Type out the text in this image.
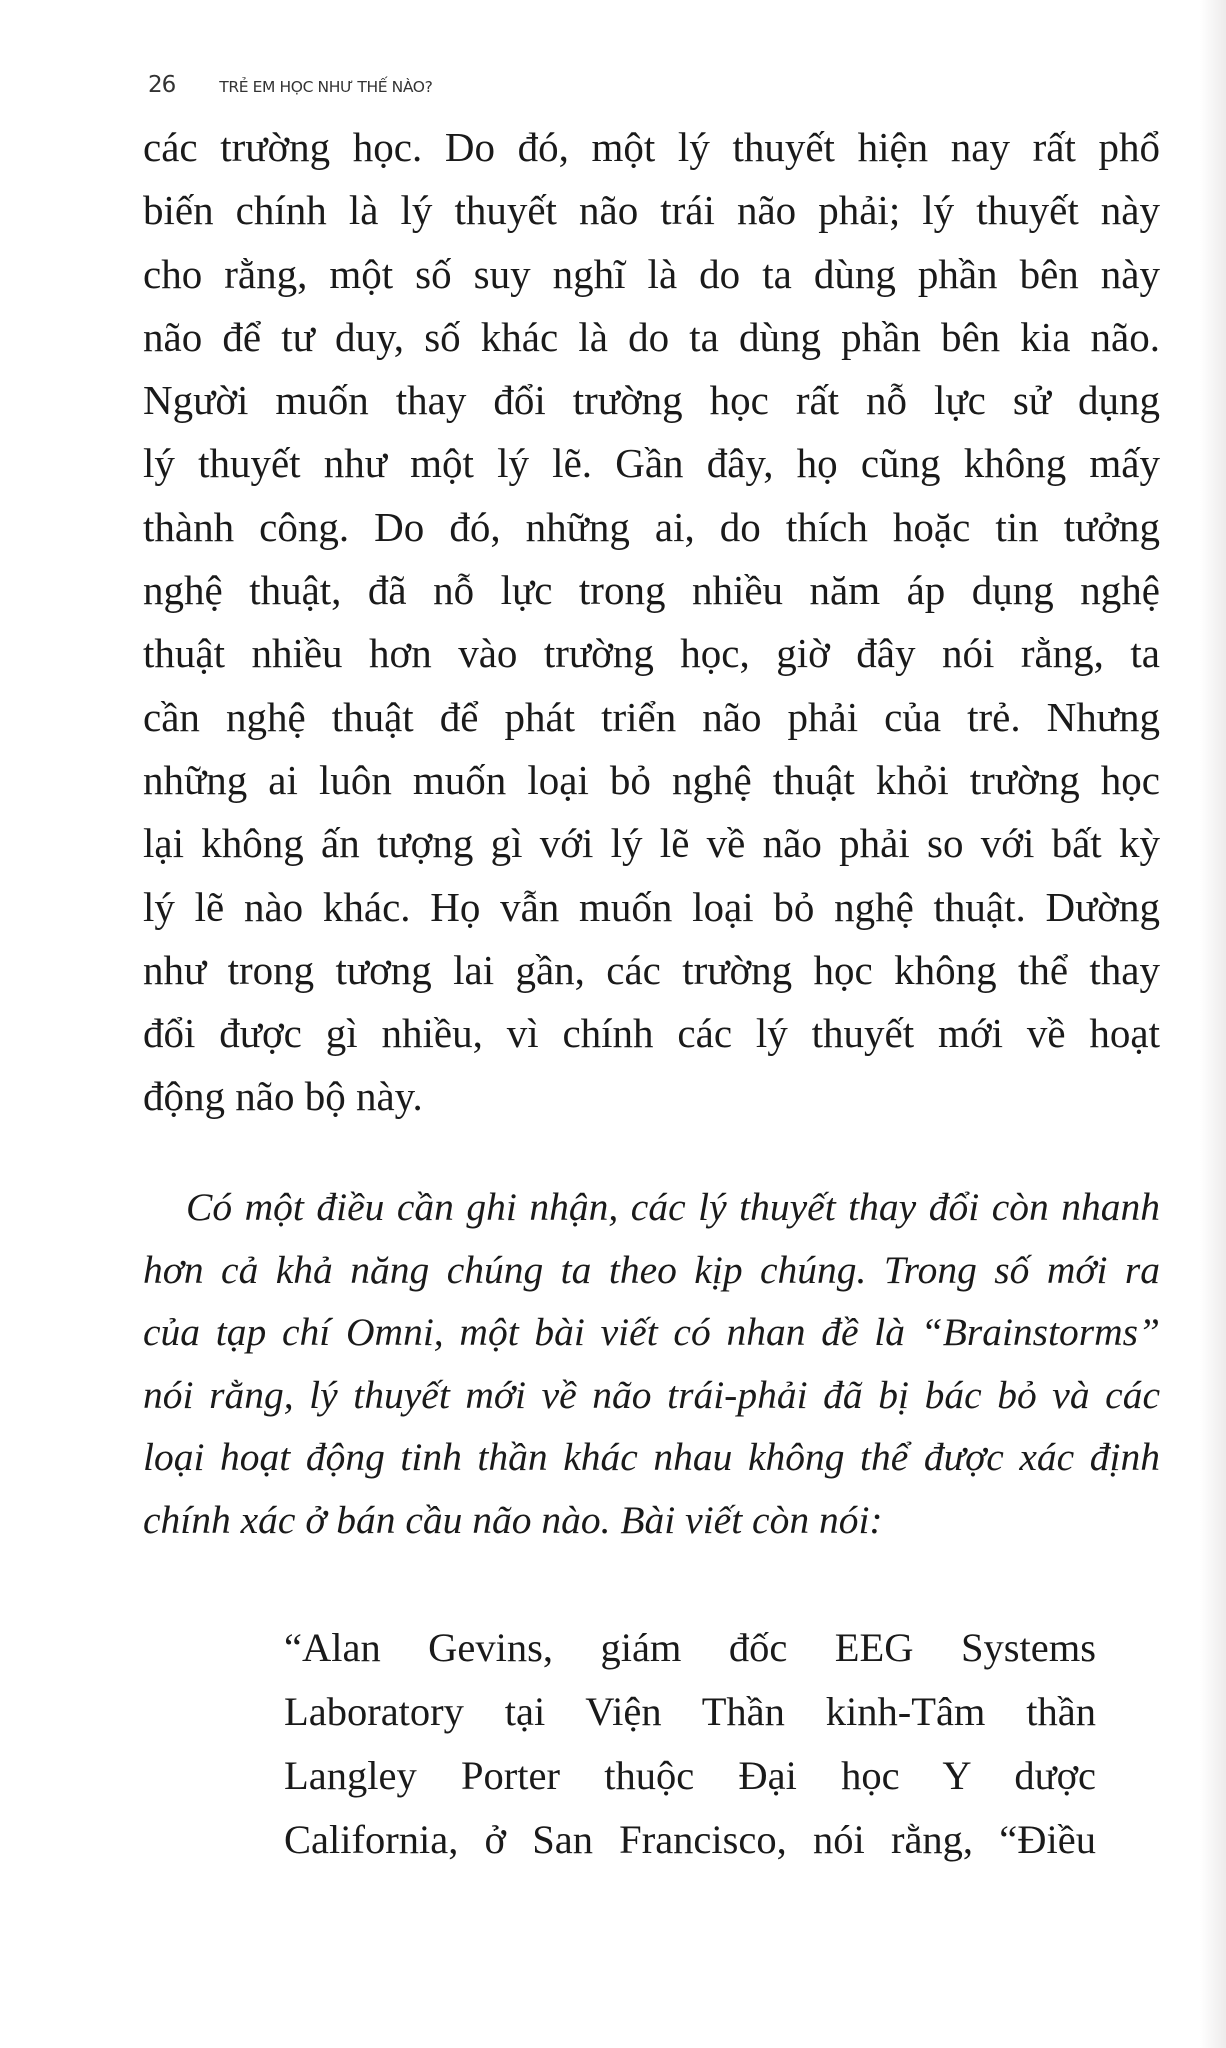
26	TRẺ EM HỌC NHƯ THẾ NÀO?
các trường học. Do đó, một lý thuyết hiện nay rất phổ
biến chính là lý thuyết não trái não phải; lý thuyết này
cho rằng, một số suy nghĩ là do ta dùng phần bên này
não để tư duy, số khác là do ta dùng phần bên kia não.
Người muốn thay đổi trường học rất nỗ lực sử dụng
lý thuyết như một lý lẽ. Gần đây, họ cũng không mấy
thành công. Do đó, những ai, do thích hoặc tin tưởng
nghệ thuật, đã nỗ lực trong nhiều năm áp dụng nghệ
thuật nhiều hơn vào trường học, giờ đây nói rằng, ta
cần nghệ thuật để phát triển não phải của trẻ. Nhưng
những ai luôn muốn loại bỏ nghệ thuật khỏi trường học
lại không ấn tượng gì với lý lẽ về não phải so với bất kỳ
lý lẽ nào khác. Họ vẫn muốn loại bỏ nghệ thuật. Dường
như trong tương lai gần, các trường học không thể thay
đổi được gì nhiều, vì chính các lý thuyết mới về hoạt
động não bộ này.
Có một điều cần ghi nhận, các lý thuyết thay đổi còn nhanh
hơn cả khả năng chúng ta theo kịp chúng. Trong số mới ra
của tạp chí Omni, một bài viết có nhan đề là “Brainstorms”
nói rằng, lý thuyết mới về não trái-phải đã bị bác bỏ và các
loại hoạt động tinh thần khác nhau không thể được xác định
chính xác ở bán cầu não nào. Bài viết còn nói:
“Alan Gevins, giám đốc EEG Systems
Laboratory tại Viện Thần kinh-Tâm thần
Langley Porter thuộc Đại học Y dược
California, ở San Francisco, nói rằng, “Điều
